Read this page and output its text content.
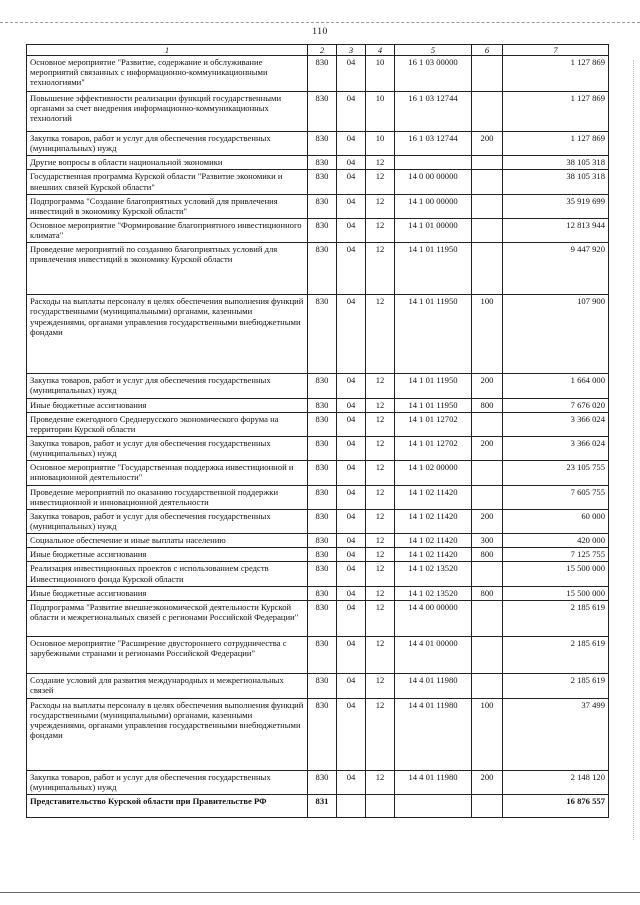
110
1	2	3	4	5	6	7
Основное мероприятие "Развитие, содержание и обслуживание мероприятий связанных с информационно-коммуникационными технологиями"	830	04	10	16 1 03 00000		1 127 869
Повышение эффективности реализации функций государственными органами за счет внедрения информационно-коммуникационных технологий	830	04	10	16 1 03 12744		1 127 869
Закупка товаров, работ и услуг для обеспечения государственных (муниципальных) нужд	830	04	10	16 1 03 12744	200	1 127 869
Другие вопросы в области национальной экономики	830	04	12			38 105 318
Государственная программа Курской области "Развитие экономики и внешних связей Курской области"	830	04	12	14 0 00 00000		38 105 318
Подпрограмма "Создание благоприятных условий для привлечения инвестиций в экономику Курской области"	830	04	12	14 1 00 00000		35 919 699
Основное мероприятие "Формирование благоприятного инвестиционного климата"	830	04	12	14 1 01 00000		12 813 944
Проведение мероприятий по созданию благоприятных условий для привлечения инвестиций в экономику Курской области	830	04	12	14 1 01 11950		9 447 920
Расходы на выплаты персоналу в целях обеспечения выполнения функций государственными (муниципальными) органами, казенными учреждениями, органами управления государственными внебюджетными фондами	830	04	12	14 1 01 11950	100	107 900
Закупка товаров, работ и услуг для обеспечения государственных (муниципальных) нужд	830	04	12	14 1 01 11950	200	1 664 000
Иные бюджетные ассигнования	830	04	12	14 1 01 11950	800	7 676 020
Проведение ежегодного Среднерусского экономического форума на территории Курской области	830	04	12	14 1 01 12702		3 366 024
Закупка товаров, работ и услуг для обеспечения государственных (муниципальных) нужд	830	04	12	14 1 01 12702	200	3 366 024
Основное мероприятие "Государственная поддержка инвестиционной и инновационной деятельности"	830	04	12	14 1 02 00000		23 105 755
Проведение мероприятий по оказанию государственной поддержки инвестиционной и инновационной деятельности	830	04	12	14 1 02 11420		7 605 755
Закупка товаров, работ и услуг для обеспечения государственных (муниципальных) нужд	830	04	12	14 1 02 11420	200	60 000
Социальное обеспечение и иные выплаты населению	830	04	12	14 1 02 11420	300	420 000
Иные бюджетные ассигнования	830	04	12	14 1 02 11420	800	7 125 755
Реализация инвестиционных проектов с использованием средств Инвестиционного фонда Курской области	830	04	12	14 1 02 13520		15 500 000
Иные бюджетные ассигнования	830	04	12	14 1 02 13520	800	15 500 000
Подпрограмма "Развитие внешнеэкономической деятельности Курской области и межрегиональных связей с регионами Российской Федерации"	830	04	12	14 4 00 00000		2 185 619
Основное мероприятие "Расширение двустороннего сотрудничества с зарубежными странами и регионами Российской Федерации"	830	04	12	14 4 01 00000		2 185 619
Создание условий для развития международных и межрегиональных связей	830	04	12	14 4 01 11980		2 185 619
Расходы на выплаты персоналу в целях обеспечения выполнения функций государственными (муниципальными) органами, казенными учреждениями, органами управления государственными внебюджетными фондами	830	04	12	14 4 01 11980	100	37 499
Закупка товаров, работ и услуг для обеспечения государственных (муниципальных) нужд	830	04	12	14 4 01 11980	200	2 148 120
Представительство Курской области при Правительстве РФ	831					16 876 557
